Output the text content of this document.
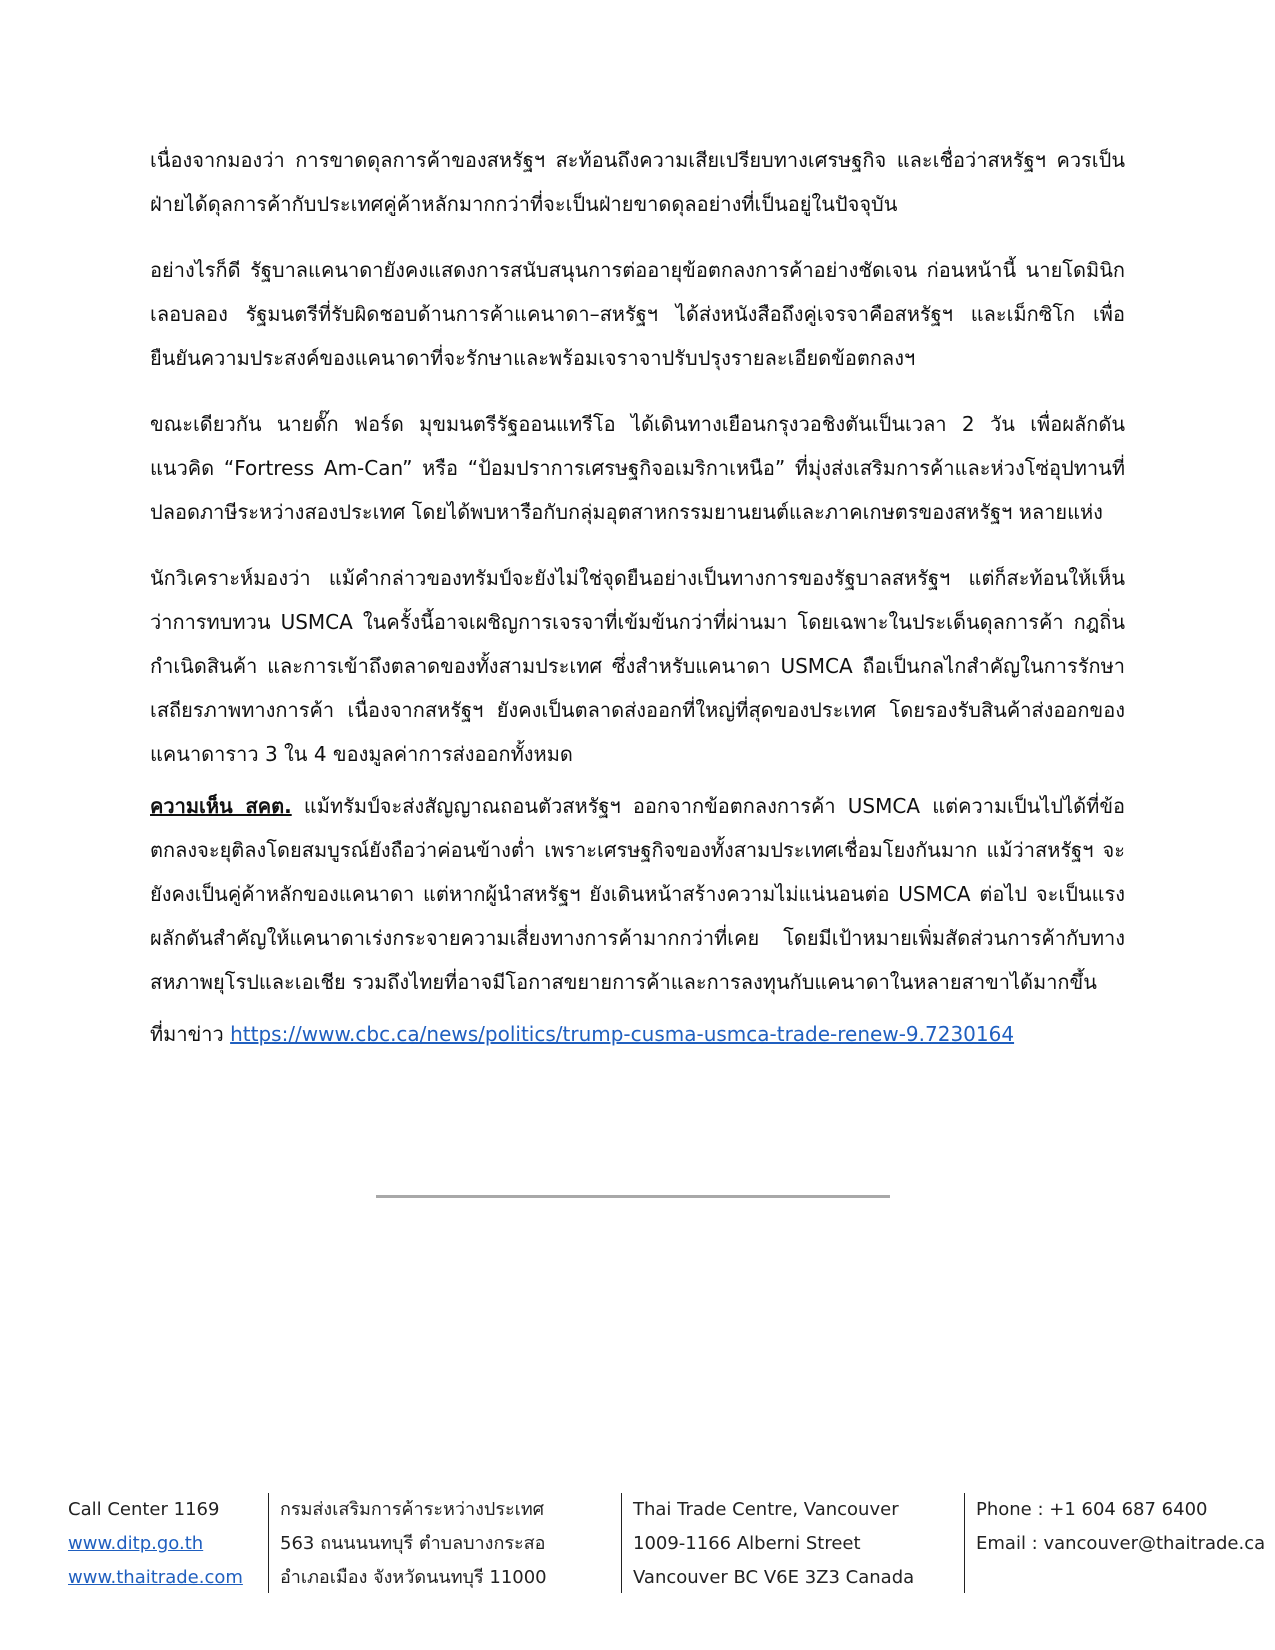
เนื่องจากมองว่า การขาดดุลการค้าของสหรัฐฯ สะท้อนถึงความเสียเปรียบทางเศรษฐกิจ และเชื่อว่าสหรัฐฯ ควรเป็นฝ่ายได้ดุลการค้ากับประเทศคู่ค้าหลักมากกว่าที่จะเป็นฝ่ายขาดดุลอย่างที่เป็นอยู่ในปัจจุบัน

อย่างไรก็ดี รัฐบาลแคนาดายังคงแสดงการสนับสนุนการต่ออายุข้อตกลงการค้าอย่างชัดเจน ก่อนหน้านี้ นายโดมินิก เลอบลอง รัฐมนตรีที่รับผิดชอบด้านการค้าแคนาดา–สหรัฐฯ ได้ส่งหนังสือถึงคู่เจรจาคือสหรัฐฯ และเม็กซิโก เพื่อยืนยันความประสงค์ของแคนาดาที่จะรักษาและพร้อมเจราจาปรับปรุงรายละเอียดข้อตกลงฯ

ขณะเดียวกัน นายดั๊ก ฟอร์ด มุขมนตรีรัฐออนแทรีโอ ได้เดินทางเยือนกรุงวอชิงตันเป็นเวลา 2 วัน เพื่อผลักดันแนวคิด “Fortress Am-Can” หรือ “ป้อมปราการเศรษฐกิจอเมริกาเหนือ” ที่มุ่งส่งเสริมการค้าและห่วงโซ่อุปทานที่ปลอดภาษีระหว่างสองประเทศ โดยได้พบหารือกับกลุ่มอุตสาหกรรมยานยนต์และภาคเกษตรของสหรัฐฯ หลายแห่ง

นักวิเคราะห์มองว่า แม้คำกล่าวของทรัมป์จะยังไม่ใช่จุดยืนอย่างเป็นทางการของรัฐบาลสหรัฐฯ แต่ก็สะท้อนให้เห็นว่าการทบทวน USMCA ในครั้งนี้อาจเผชิญการเจรจาที่เข้มข้นกว่าที่ผ่านมา โดยเฉพาะในประเด็นดุลการค้า กฎถิ่นกำเนิดสินค้า และการเข้าถึงตลาดของทั้งสามประเทศ ซึ่งสำหรับแคนาดา USMCA ถือเป็นกลไกสำคัญในการรักษาเสถียรภาพทางการค้า เนื่องจากสหรัฐฯ ยังคงเป็นตลาดส่งออกที่ใหญ่ที่สุดของประเทศ โดยรองรับสินค้าส่งออกของแคนาดาราว 3 ใน 4 ของมูลค่าการส่งออกทั้งหมด

ความเห็น สคต. แม้ทรัมป์จะส่งสัญญาณถอนตัวสหรัฐฯ ออกจากข้อตกลงการค้า USMCA แต่ความเป็นไปได้ที่ข้อตกลงจะยุติลงโดยสมบูรณ์ยังถือว่าค่อนข้างต่ำ เพราะเศรษฐกิจของทั้งสามประเทศเชื่อมโยงกันมาก แม้ว่าสหรัฐฯ จะยังคงเป็นคู่ค้าหลักของแคนาดา แต่หากผู้นำสหรัฐฯ ยังเดินหน้าสร้างความไม่แน่นอนต่อ USMCA ต่อไป จะเป็นแรงผลักดันสำคัญให้แคนาดาเร่งกระจายความเสี่ยงทางการค้ามากกว่าที่เคย โดยมีเป้าหมายเพิ่มสัดส่วนการค้ากับทางสหภาพยุโรปและเอเชีย รวมถึงไทยที่อาจมีโอกาสขยายการค้าและการลงทุนกับแคนาดาในหลายสาขาได้มากขึ้น

ที่มาข่าว https://www.cbc.ca/news/politics/trump-cusma-usmca-trade-renew-9.7230164

Call Center 1169
www.ditp.go.th
www.thaitrade.com
กรมส่งเสริมการค้าระหว่างประเทศ
563 ถนนนนทบุรี ตำบลบางกระสอ
อำเภอเมือง จังหวัดนนทบุรี 11000
Thai Trade Centre, Vancouver
1009-1166 Alberni Street
Vancouver BC V6E 3Z3 Canada
Phone : +1 604 687 6400
Email : vancouver@thaitrade.ca
